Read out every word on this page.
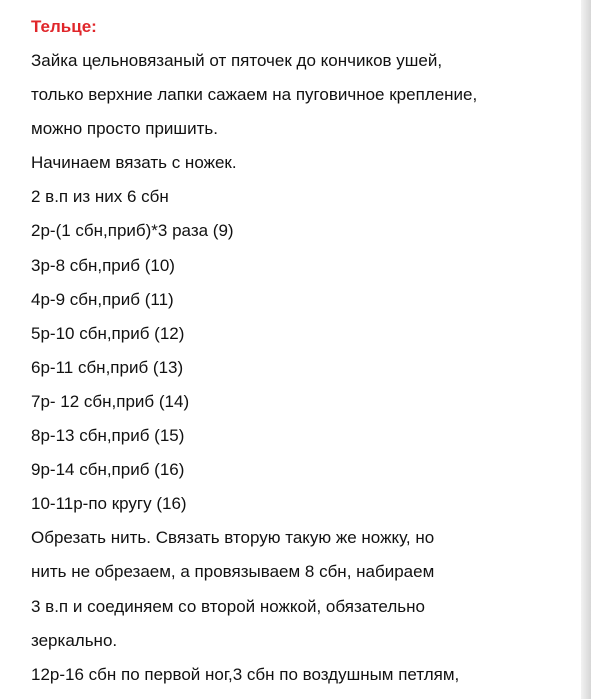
Тельце:
Зайка цельновязаный от пяточек до кончиков ушей,
только верхние лапки сажаем на пуговичное крепление,
можно просто пришить.
Начинаем вязать с ножек.
2 в.п из них 6 сбн
2р-(1 сбн,приб)*3 раза (9)
3р-8 сбн,приб (10)
4р-9 сбн,приб (11)
5р-10 сбн,приб (12)
6р-11 сбн,приб (13)
7р- 12 сбн,приб (14)
8р-13 сбн,приб (15)
9р-14 сбн,приб (16)
10-11р-по кругу (16)
Обрезать нить. Связать вторую такую же ножку, но
нить не обрезаем, а провязываем 8 сбн, набираем
3 в.п и соединяем со второй ножкой, обязательно
зеркально.
12р-16 сбн по первой ног,3 сбн по воздушным петлям,
